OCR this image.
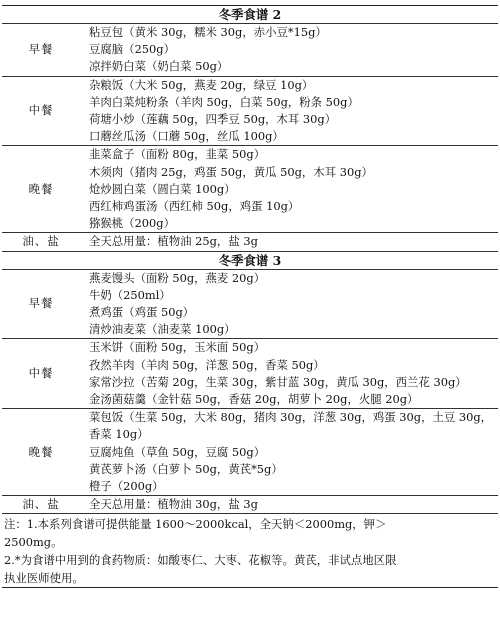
冬季食谱 2	
早餐	粘豆包（黄米 30g，糯米 30g，赤小豆*15g）
豆腐脑（250g）
凉拌奶白菜（奶白菜 50g）

中餐	杂粮饭（大米 50g，燕麦 20g，绿豆 10g）
羊肉白菜炖粉条（羊肉 50g，白菜 50g，粉条 50g）
荷塘小炒（莲藕 50g，四季豆 50g，木耳 30g）
口蘑丝瓜汤（口蘑 50g，丝瓜 100g）

晚餐	韭菜盒子（面粉 80g，韭菜 50g）
木须肉（猪肉 25g，鸡蛋 50g，黄瓜 50g，木耳 30g）
炝炒圆白菜（圆白菜 100g）
西红柿鸡蛋汤（西红柿 50g，鸡蛋 10g）
猕猴桃（200g）

油、盐	全天总用量：植物油 25g，盐 3g
冬季食谱 3	
早餐	燕麦馒头（面粉 50g，燕麦 20g）
牛奶（250ml）
煮鸡蛋（鸡蛋 50g）
清炒油麦菜（油麦菜 100g）

中餐	玉米饼（面粉 50g，玉米面 50g）
孜然羊肉（羊肉 50g，洋葱 50g，香菜 50g）
家常沙拉（苦菊 20g，生菜 30g，紫甘蓝 30g，黄瓜 30g，西兰花 30g）
金汤菌菇羹（金针菇 50g，香菇 20g，胡萝卜 20g，火腿 20g）

晚餐	菜包饭（生菜 50g，大米 80g，猪肉 30g，洋葱 30g，鸡蛋 30g，土豆 30g，香菜 10g）
豆腐炖鱼（草鱼 50g，豆腐 50g）
黄芪萝卜汤（白萝卜 50g，黄芪*5g）
橙子（200g）

油、盐	全天总用量：植物油 30g，盐 3g
注：1.本系列食谱可提供能量 1600～2000kcal，全天钠＜2000mg，钾＞
2500mg。
2.*为食谱中用到的食药物质：如酸枣仁、大枣、花椒等。黄芪，非试点地区限
执业医师使用。
